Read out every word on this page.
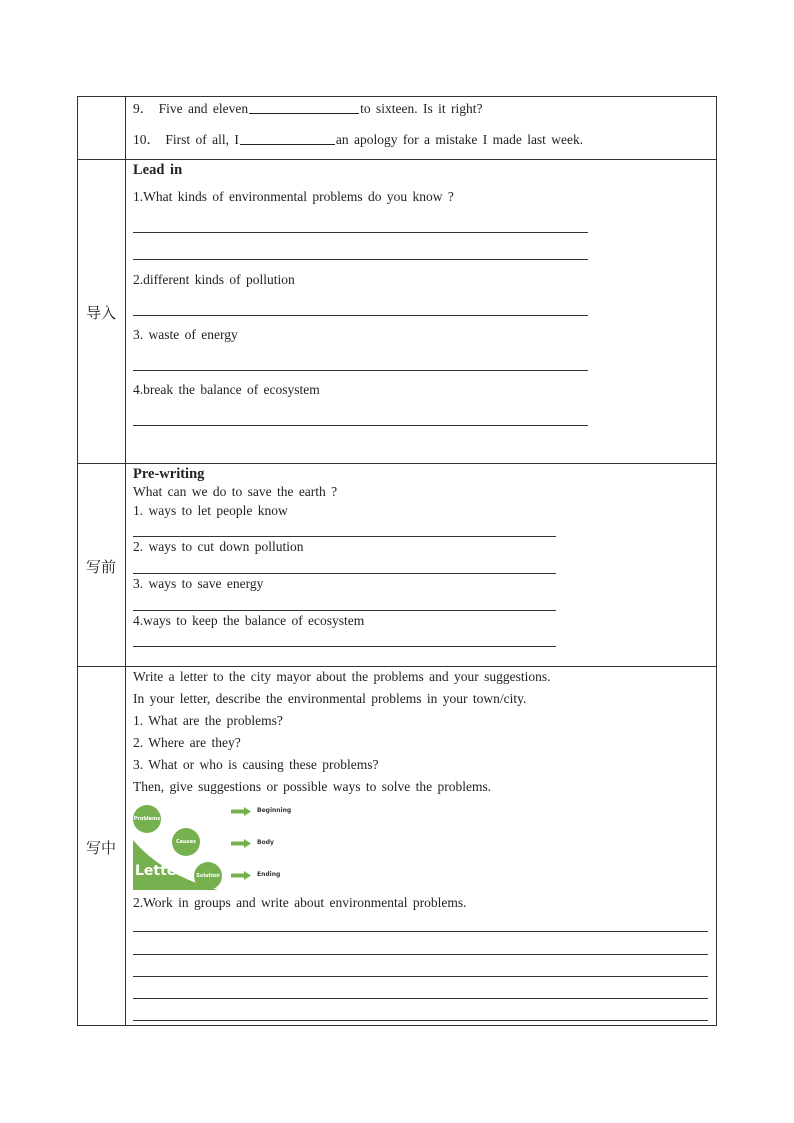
9． Five and eleven	to sixteen. Is it right?
10． First of all, I	an apology for a mistake I made last week.
导入
Lead in
1.What kinds of environmental problems do you know ?
2.different kinds of pollution
3. waste of energy
4.break the balance of ecosystem
写前
Pre-writing
What can we do to save the earth ?
1. ways to let people know
2. ways to cut down pollution
3. ways to save energy
4.ways to keep the balance of ecosystem
写中
Write a letter to the city mayor about the problems and your suggestions.
In your letter, describe the environmental problems in your town/city.
1. What are the problems?
2. Where are they?
3. What or who is causing these problems?
Then, give suggestions or possible ways to solve the problems.
Problems
Causes
Solution
Letter
Beginning
Body
Ending
2.Work in groups and write about environmental problems.
